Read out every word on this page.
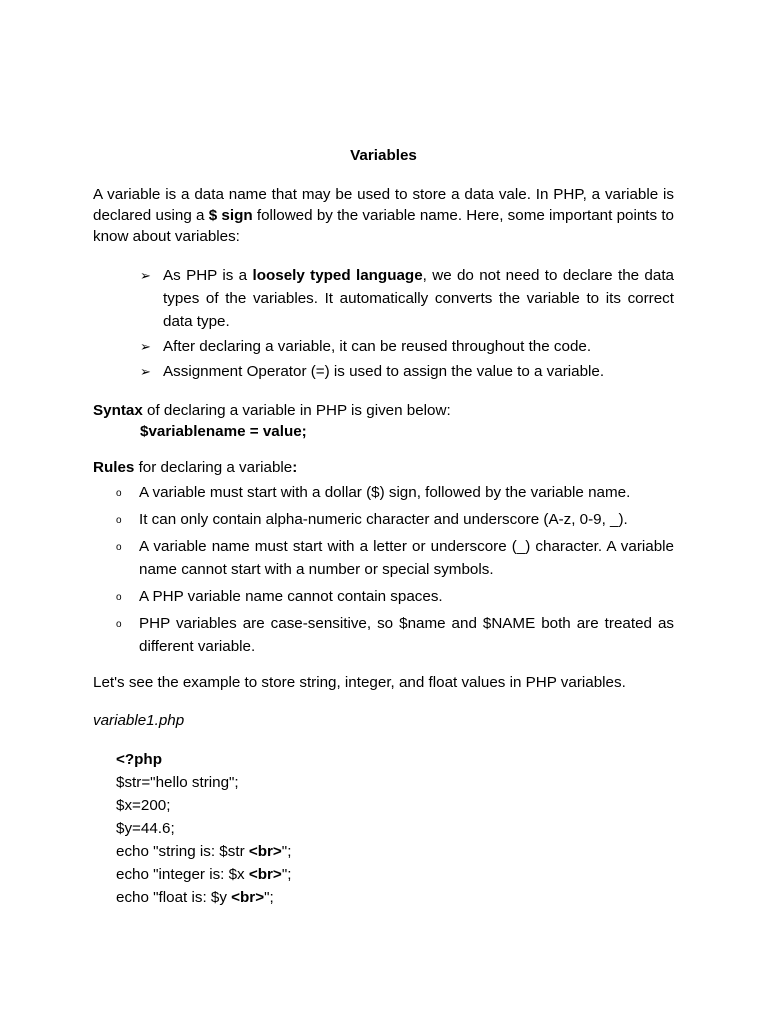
Variables

A variable is a data name that may be used to store a data vale. In PHP, a variable is declared using a $ sign followed by the variable name. Here, some important points to know about variables:

➢ As PHP is a loosely typed language, we do not need to declare the data types of the variables. It automatically converts the variable to its correct data type.
➢ After declaring a variable, it can be reused throughout the code.
➢ Assignment Operator (=) is used to assign the value to a variable.

Syntax of declaring a variable in PHP is given below:

$variablename = value;

Rules for declaring a variable:

o A variable must start with a dollar ($) sign, followed by the variable name.
o It can only contain alpha-numeric character and underscore (A-z, 0-9, _).
o A variable name must start with a letter or underscore (_) character. A variable name cannot start with a number or special symbols.
o A PHP variable name cannot contain spaces.
o PHP variables are case-sensitive, so $name and $NAME both are treated as different variable.

Let's see the example to store string, integer, and float values in PHP variables.

variable1.php

<?php
$str="hello string";
$x=200;
$y=44.6;
echo "string is: $str <br>";
echo "integer is: $x <br>";
echo "float is: $y <br>";
